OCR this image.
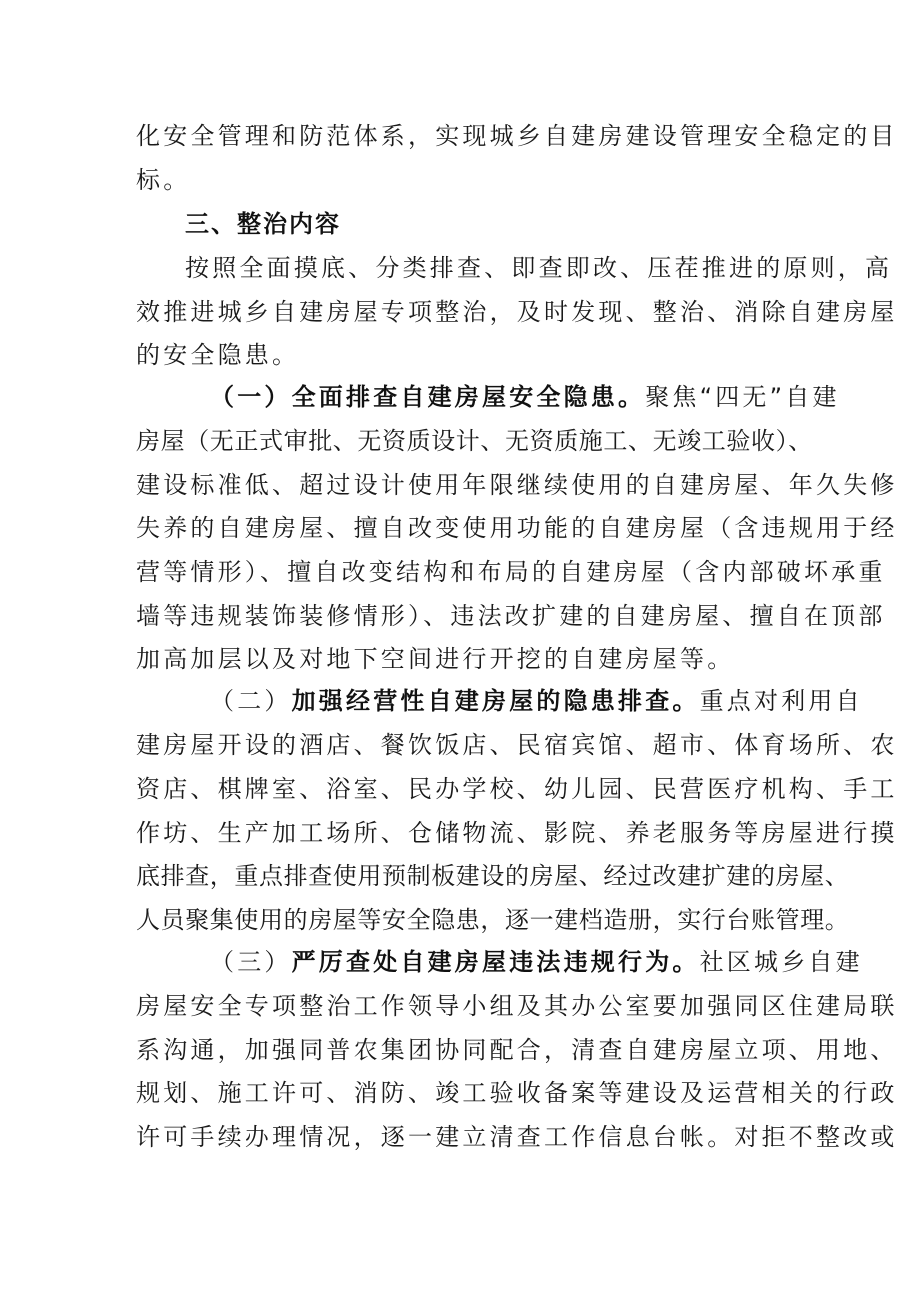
化安全管理和防范体系，实现城乡自建房建设管理安全稳定的目

标。

三、整治内容

按照全面摸底、分类排查、即查即改、压茬推进的原则，高

效推进城乡自建房屋专项整治，及时发现、整治、消除自建房屋

的安全隐患。

（一）全面排查自建房屋安全隐患。聚焦“四无”自建

房屋（无正式审批、无资质设计、无资质施工、无竣工验收）、

建设标准低、超过设计使用年限继续使用的自建房屋、年久失修

失养的自建房屋、擅自改变使用功能的自建房屋（含违规用于经

营等情形）、擅自改变结构和布局的自建房屋（含内部破坏承重

墙等违规装饰装修情形）、违法改扩建的自建房屋、擅自在顶部

加高加层以及对地下空间进行开挖的自建房屋等。

（二）加强经营性自建房屋的隐患排查。重点对利用自

建房屋开设的酒店、餐饮饭店、民宿宾馆、超市、体育场所、农

资店、棋牌室、浴室、民办学校、幼儿园、民营医疗机构、手工

作坊、生产加工场所、仓储物流、影院、养老服务等房屋进行摸

底排查，重点排查使用预制板建设的房屋、经过改建扩建的房屋、

人员聚集使用的房屋等安全隐患，逐一建档造册，实行台账管理。

（三）严厉查处自建房屋违法违规行为。社区城乡自建

房屋安全专项整治工作领导小组及其办公室要加强同区住建局联

系沟通，加强同普农集团协同配合，清查自建房屋立项、用地、

规划、施工许可、消防、竣工验收备案等建设及运营相关的行政

许可手续办理情况，逐一建立清查工作信息台帐。对拒不整改或
